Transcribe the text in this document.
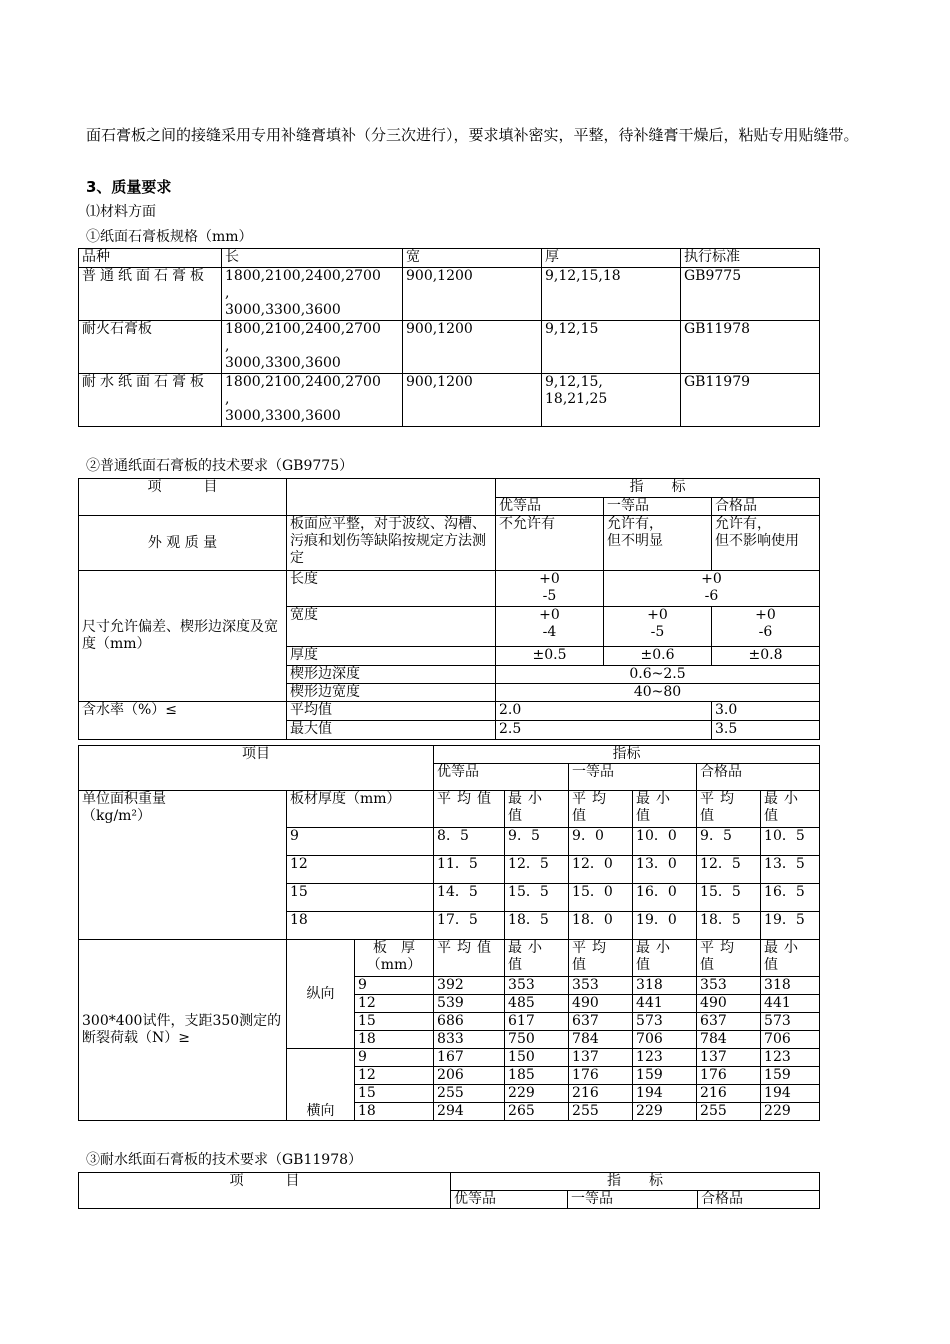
面石膏板之间的接缝采用专用补缝膏填补（分三次进行），要求填补密实，平整，待补缝膏干燥后，粘贴专用贴缝带。

3、质量要求

⑴材料方面

①纸面石膏板规格（mm）

品种	长	宽	厚	执行标准
普通纸面石膏板	1800,2100,2400,2700
,
3000,3300,3600	900,1200	9,12,15,18	GB9775
耐火石膏板	1800,2100,2400,2700
,
3000,3300,3600	900,1200	9,12,15	GB11978
耐水纸面石膏板	1800,2100,2400,2700
,
3000,3300,3600	900,1200	9,12,15,
18,21,25	GB11979

②普通纸面石膏板的技术要求（GB9775）

项　　　目		指　　标		
		优等品	一等品	合格品
外 观 质 量	板面应平整，对于波纹、沟槽、污痕和划伤等缺陷按规定方法测定	不允许有	允许有，
但不明显	允许有，
但不影响使用
尺寸允许偏差、楔形边深度及宽度（mm）	长度	+0
-5	+0
-6	
	宽度	+0
-4	+0
-5	+0
-6
	厚度	±0.5	±0.6	±0.8
	楔形边深度	0.6~2.5		
	楔形边宽度	40~80		
含水率（%）≤	平均值	2.0		3.0
	最大值	2.5		3.5
项目			指标					
			优等品		一等品		合格品	
单位面积重量
（kg/m²）	板材厚度（mm）		平均值	最小值	平均值	最小值	平均值	最小值
	9		8．5	9．5	9．0	10．0	9．5	10．5
	12		11．5	12．5	12．0	13．0	12．5	13．5
	15		14．5	15．5	15．0	16．0	15．5	16．5
	18		17．5	18．5	18．0	19．0	18．5	19．5
300*400试件，支距350测定的断裂荷载（N）≥	纵向	板　厚（mm）	平均值	最小值	平均值	最小值	平均值	最小值
		9	392	353	353	318	353	318
		12	539	485	490	441	490	441
		15	686	617	637	573	637	573
		18	833	750	784	706	784	706
	横向	9	167	150	137	123	137	123
		12	206	185	176	159	176	159
		15	255	229	216	194	216	194
		18	294	265	255	229	255	229

③耐水纸面石膏板的技术要求（GB11978）

项　　　目	指　　标		
	优等品	一等品	合格品
